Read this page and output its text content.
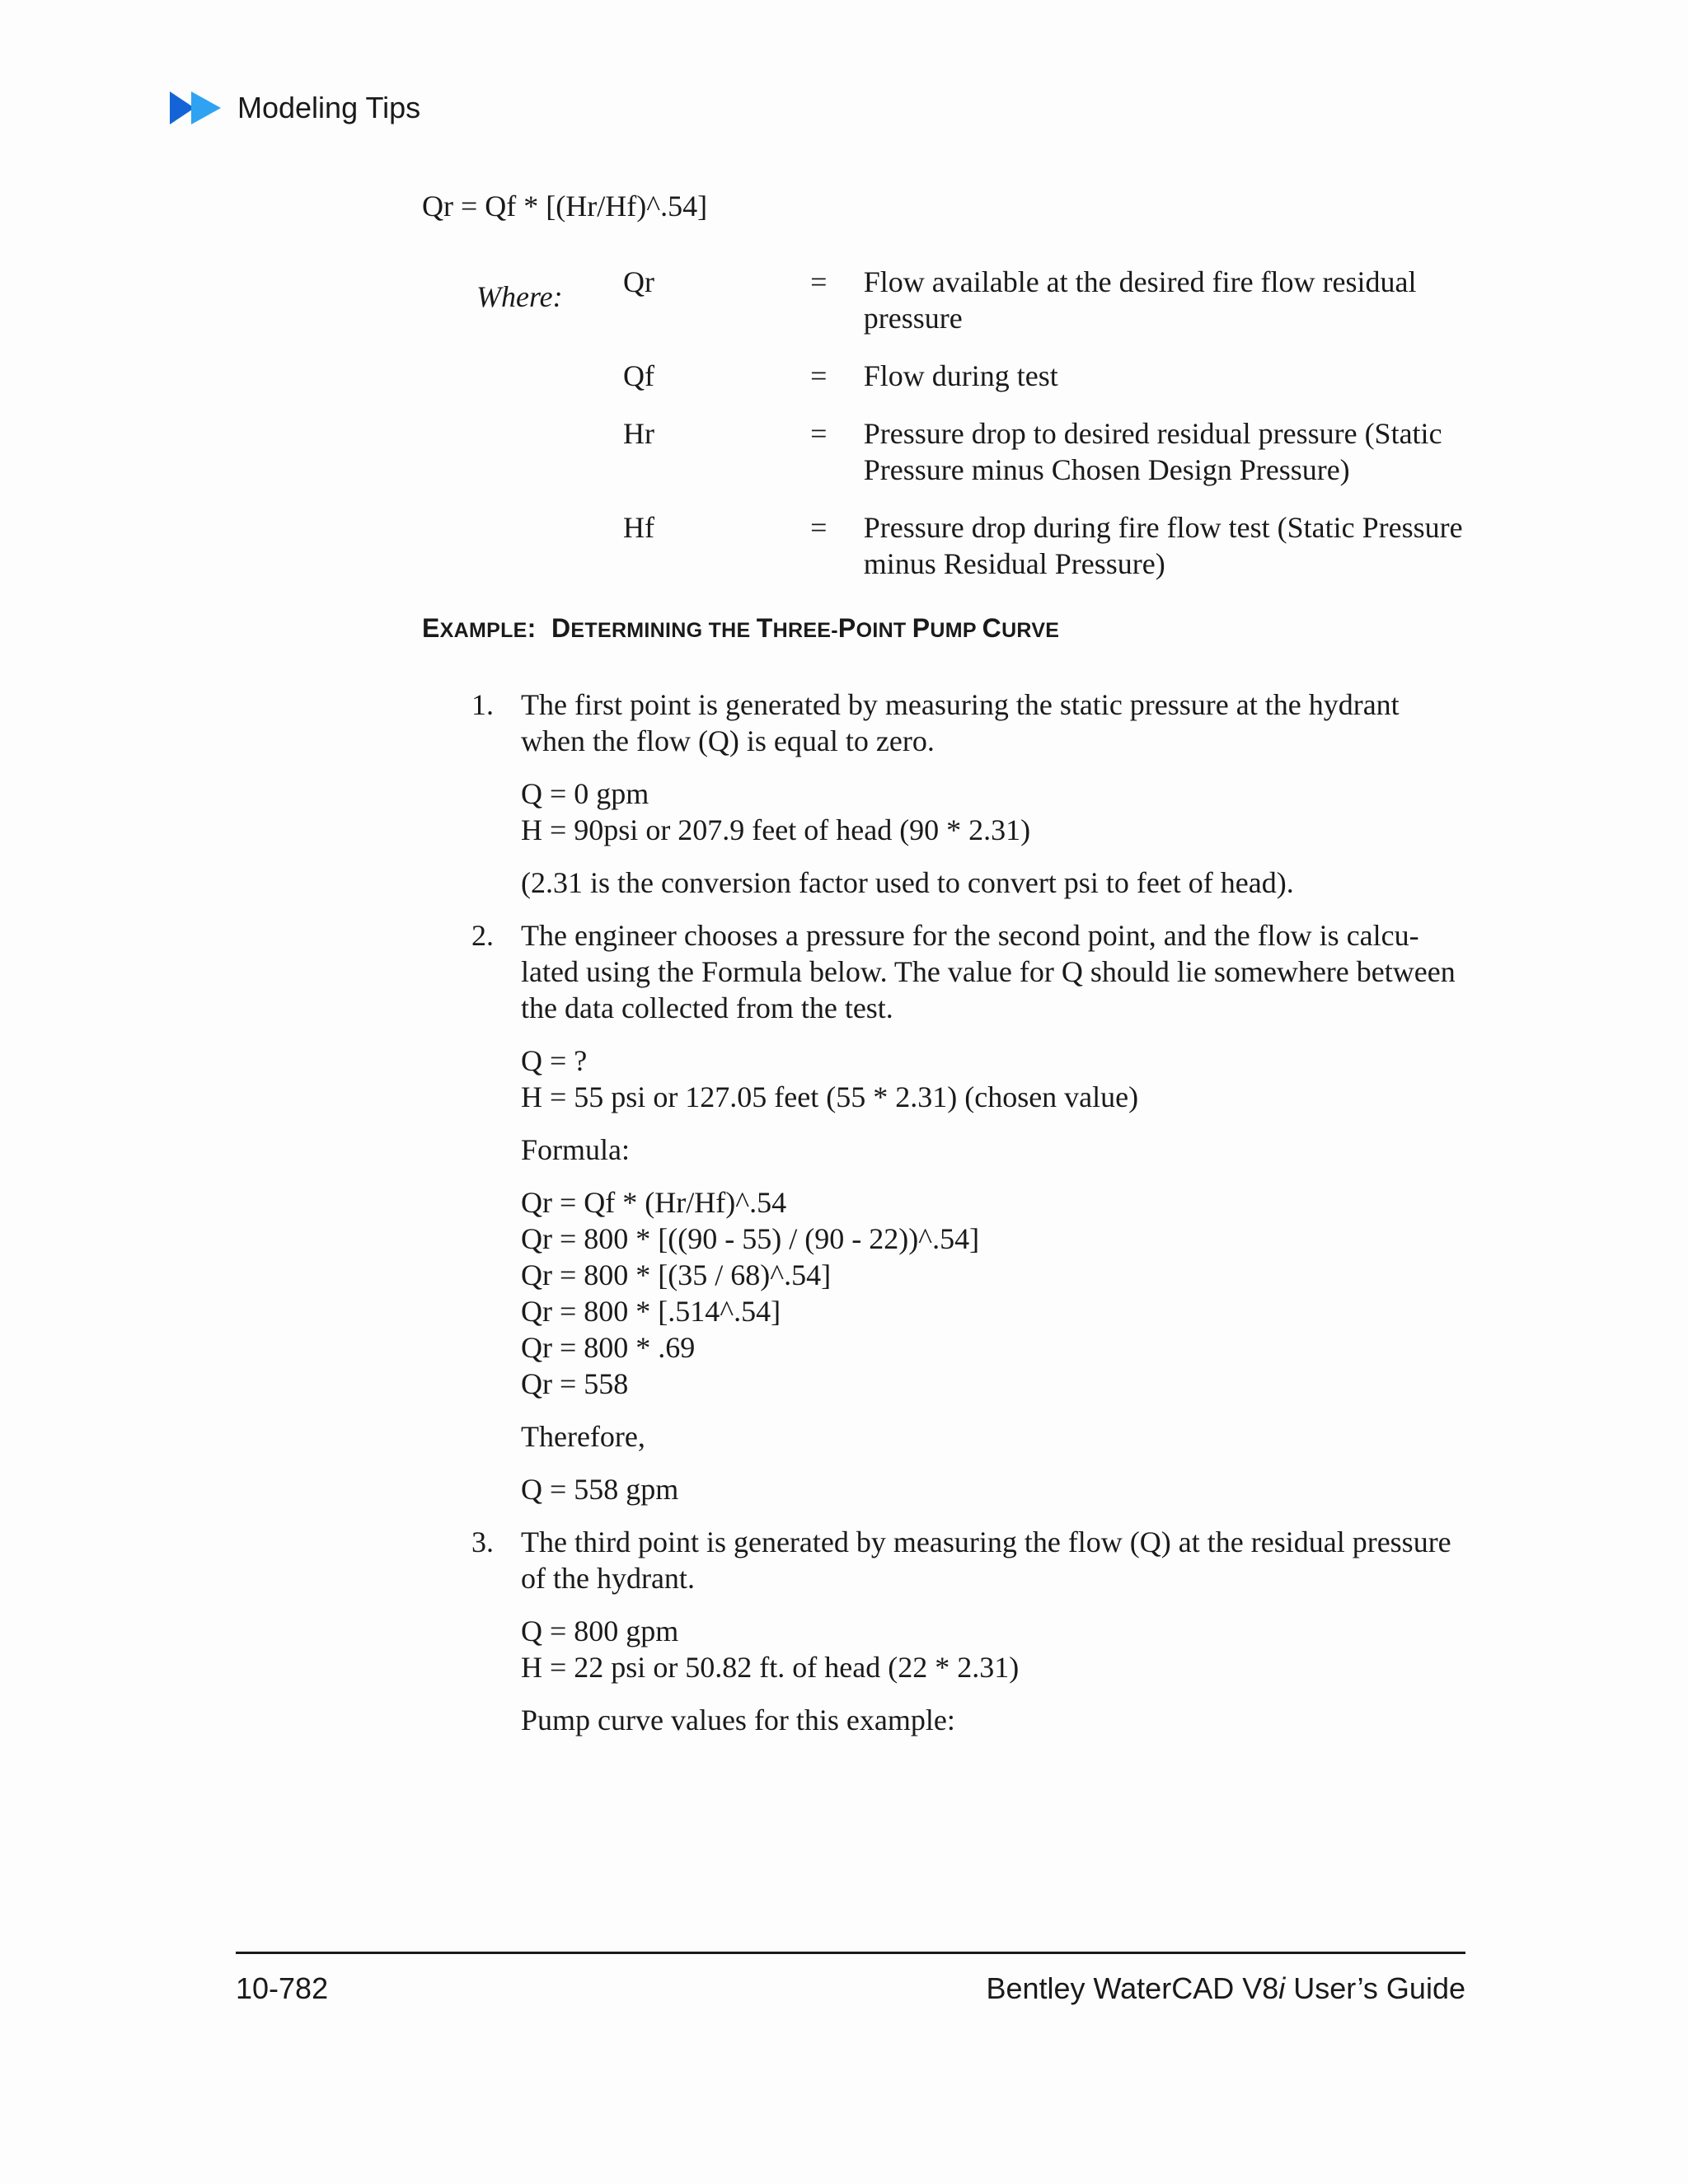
Modeling Tips
Qr = Qf * [(Hr/Hf)^.54]
Where:	Qr	=	Flow available at the desired fire flow residual pressure
Qf	=	Flow during test
Hr	=	Pressure drop to desired residual pressure (Static Pressure minus Chosen Design Pressure)
Hf	=	Pressure drop during fire flow test (Static Pressure minus Residual Pressure)
EXAMPLE: DETERMINING THE THREE-POINT PUMP CURVE
1. The first point is generated by measuring the static pressure at the hydrant when the flow (Q) is equal to zero.
Q = 0 gpm
H = 90psi or 207.9 feet of head (90 * 2.31)
(2.31 is the conversion factor used to convert psi to feet of head).
2. The engineer chooses a pressure for the second point, and the flow is calcu-lated using the Formula below. The value for Q should lie somewhere between the data collected from the test.
Q = ?
H = 55 psi or 127.05 feet (55 * 2.31) (chosen value)
Formula:
Qr = Qf * (Hr/Hf)^.54
Qr = 800 * [((90 - 55) / (90 - 22))^.54]
Qr = 800 * [(35 / 68)^.54]
Qr = 800 * [.514^.54]
Qr = 800 * .69
Qr = 558
Therefore,
Q = 558 gpm
3. The third point is generated by measuring the flow (Q) at the residual pressure of the hydrant.
Q = 800 gpm
H = 22 psi or 50.82 ft. of head (22 * 2.31)
Pump curve values for this example:
10-782	Bentley WaterCAD V8i User’s Guide
